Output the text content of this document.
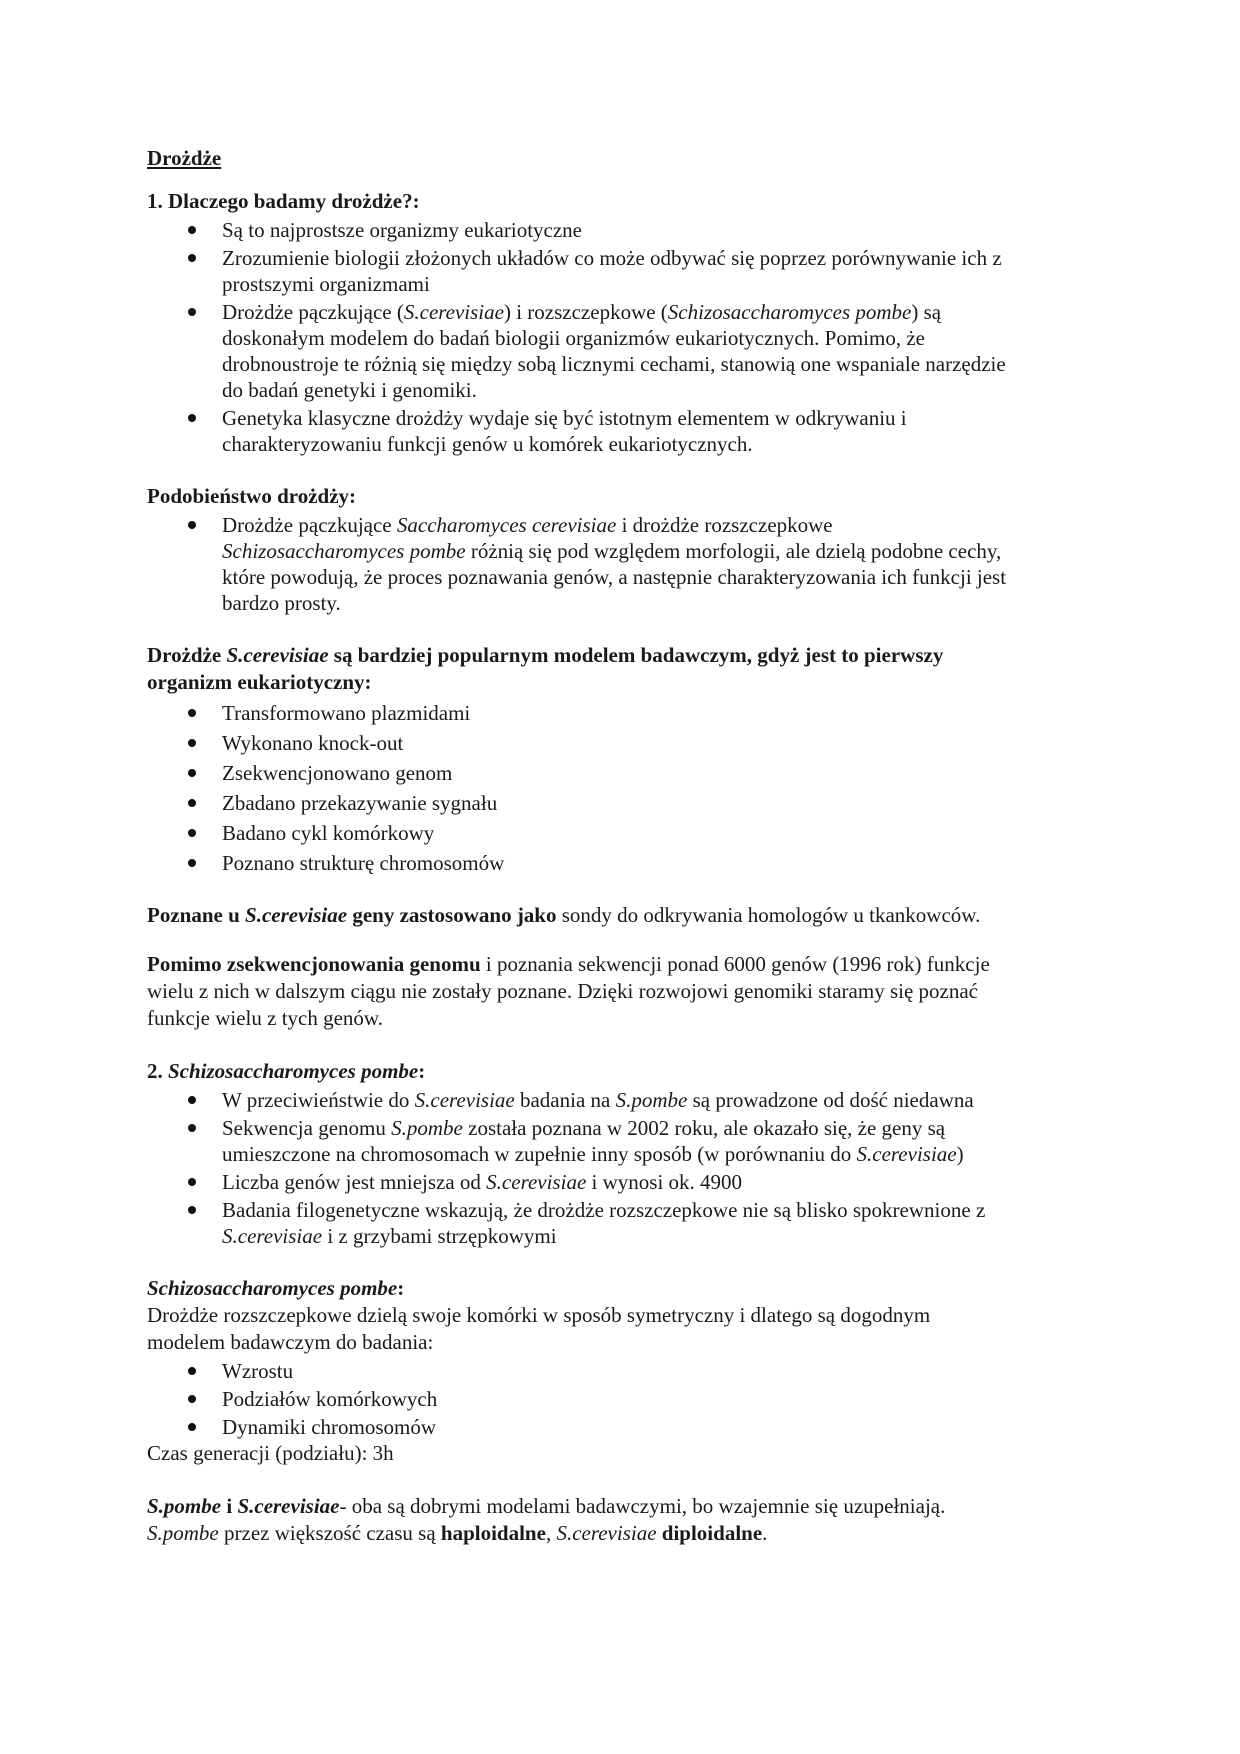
Drożdże
1. Dlaczego badamy drożdże?:
Są to najprostsze organizmy eukariotyczne
Zrozumienie biologii złożonych układów co może odbywać się poprzez porównywanie ich z
prostszymi organizmami
Drożdże pączkujące (S.cerevisiae) i rozszczepkowe (Schizosaccharomyces pombe) są
doskonałym modelem do badań biologii organizmów eukariotycznych. Pomimo, że
drobnoustroje te różnią się między sobą licznymi cechami, stanowią one wspaniale narzędzie
do badań genetyki i genomiki.
Genetyka klasyczne drożdży wydaje się być istotnym elementem w odkrywaniu i
charakteryzowaniu funkcji genów u komórek eukariotycznych.
Podobieństwo drożdży:
Drożdże pączkujące Saccharomyces cerevisiae i drożdże rozszczepkowe
Schizosaccharomyces pombe różnią się pod względem morfologii, ale dzielą podobne cechy,
które powodują, że proces poznawania genów, a następnie charakteryzowania ich funkcji jest
bardzo prosty.
Drożdże S.cerevisiae są bardziej popularnym modelem badawczym, gdyż jest to pierwszy
organizm eukariotyczny:
Transformowano plazmidami
Wykonano knock-out
Zsekwencjonowano genom
Zbadano przekazywanie sygnału
Badano cykl komórkowy
Poznano strukturę chromosomów
Poznane u S.cerevisiae geny zastosowano jako sondy do odkrywania homologów u tkankowców.
Pomimo zsekwencjonowania genomu i poznania sekwencji ponad 6000 genów (1996 rok) funkcje
wielu z nich w dalszym ciągu nie zostały poznane. Dzięki rozwojowi genomiki staramy się poznać
funkcje wielu z tych genów.
2. Schizosaccharomyces pombe:
W przeciwieństwie do S.cerevisiae badania na S.pombe są prowadzone od dość niedawna
Sekwencja genomu S.pombe została poznana w 2002 roku, ale okazało się, że geny są
umieszczone na chromosomach w zupełnie inny sposób (w porównaniu do S.cerevisiae)
Liczba genów jest mniejsza od S.cerevisiae i wynosi ok. 4900
Badania filogenetyczne wskazują, że drożdże rozszczepkowe nie są blisko spokrewnione z
S.cerevisiae i z grzybami strzępkowymi
Schizosaccharomyces pombe:
Drożdże rozszczepkowe dzielą swoje komórki w sposób symetryczny i dlatego są dogodnym
modelem badawczym do badania:
Wzrostu
Podziałów komórkowych
Dynamiki chromosomów
Czas generacji (podziału): 3h
S.pombe i S.cerevisiae- oba są dobrymi modelami badawczymi, bo wzajemnie się uzupełniają.
S.pombe przez większość czasu są haploidalne, S.cerevisiae diploidalne.
